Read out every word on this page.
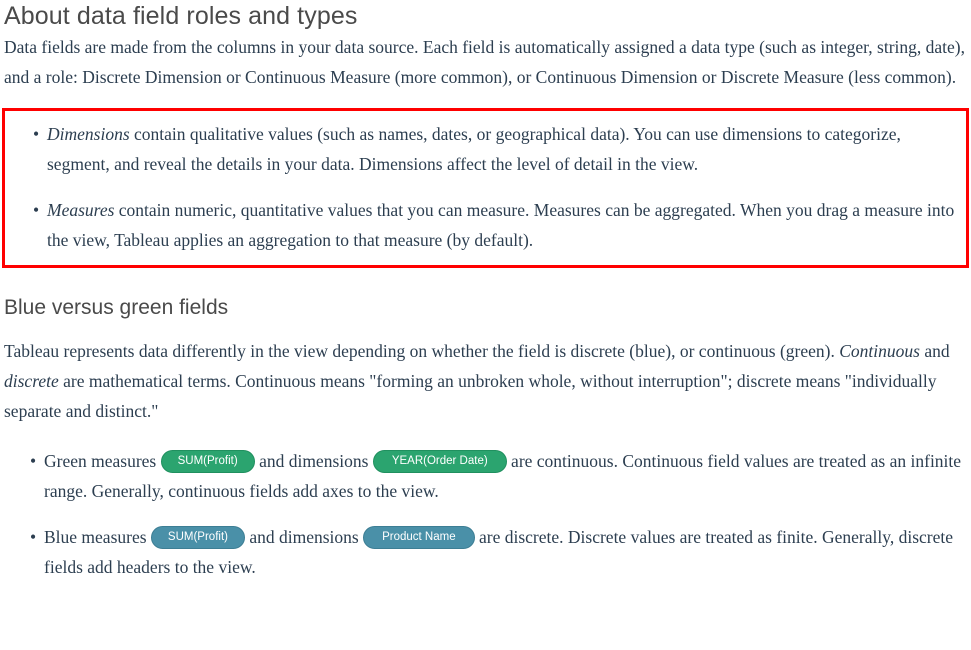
About data field roles and types

Data fields are made from the columns in your data source. Each field is automatically assigned a data type (such as integer, string, date), and a role: Discrete Dimension or Continuous Measure (more common), or Continuous Dimension or Discrete Measure (less common).

• Dimensions contain qualitative values (such as names, dates, or geographical data). You can use dimensions to categorize, segment, and reveal the details in your data. Dimensions affect the level of detail in the view.
• Measures contain numeric, quantitative values that you can measure. Measures can be aggregated. When you drag a measure into the view, Tableau applies an aggregation to that measure (by default).
Blue versus green fields

Tableau represents data differently in the view depending on whether the field is discrete (blue), or continuous (green). Continuous and discrete are mathematical terms. Continuous means "forming an unbroken whole, without interruption"; discrete means "individually separate and distinct."

• Green measures SUM(Profit) and dimensions YEAR(Order Date) are continuous. Continuous field values are treated as an infinite range. Generally, continuous fields add axes to the view.
• Blue measures SUM(Profit) and dimensions Product Name are discrete. Discrete values are treated as finite. Generally, discrete fields add headers to the view.
